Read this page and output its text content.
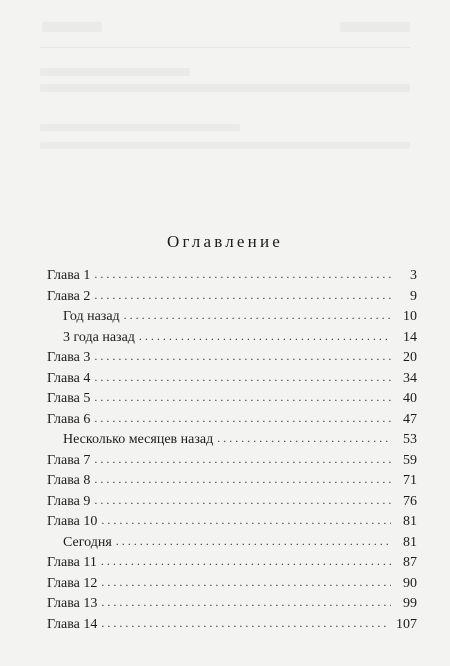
Оглавление
Глава 1 . . .	3
Глава 2 . . .	9
Год назад . . .	10
3 года назад . . .	14
Глава 3 . . .	20
Глава 4 . . .	34
Глава 5 . . .	40
Глава 6 . . .	47
Несколько месяцев назад . . .	53
Глава 7 . . .	59
Глава 8 . . .	71
Глава 9 . . .	76
Глава 10 . . .	81
Сегодня . . .	81
Глава 11 . . .	87
Глава 12 . . .	90
Глава 13 . . .	99
Глава 14 . . .	107
